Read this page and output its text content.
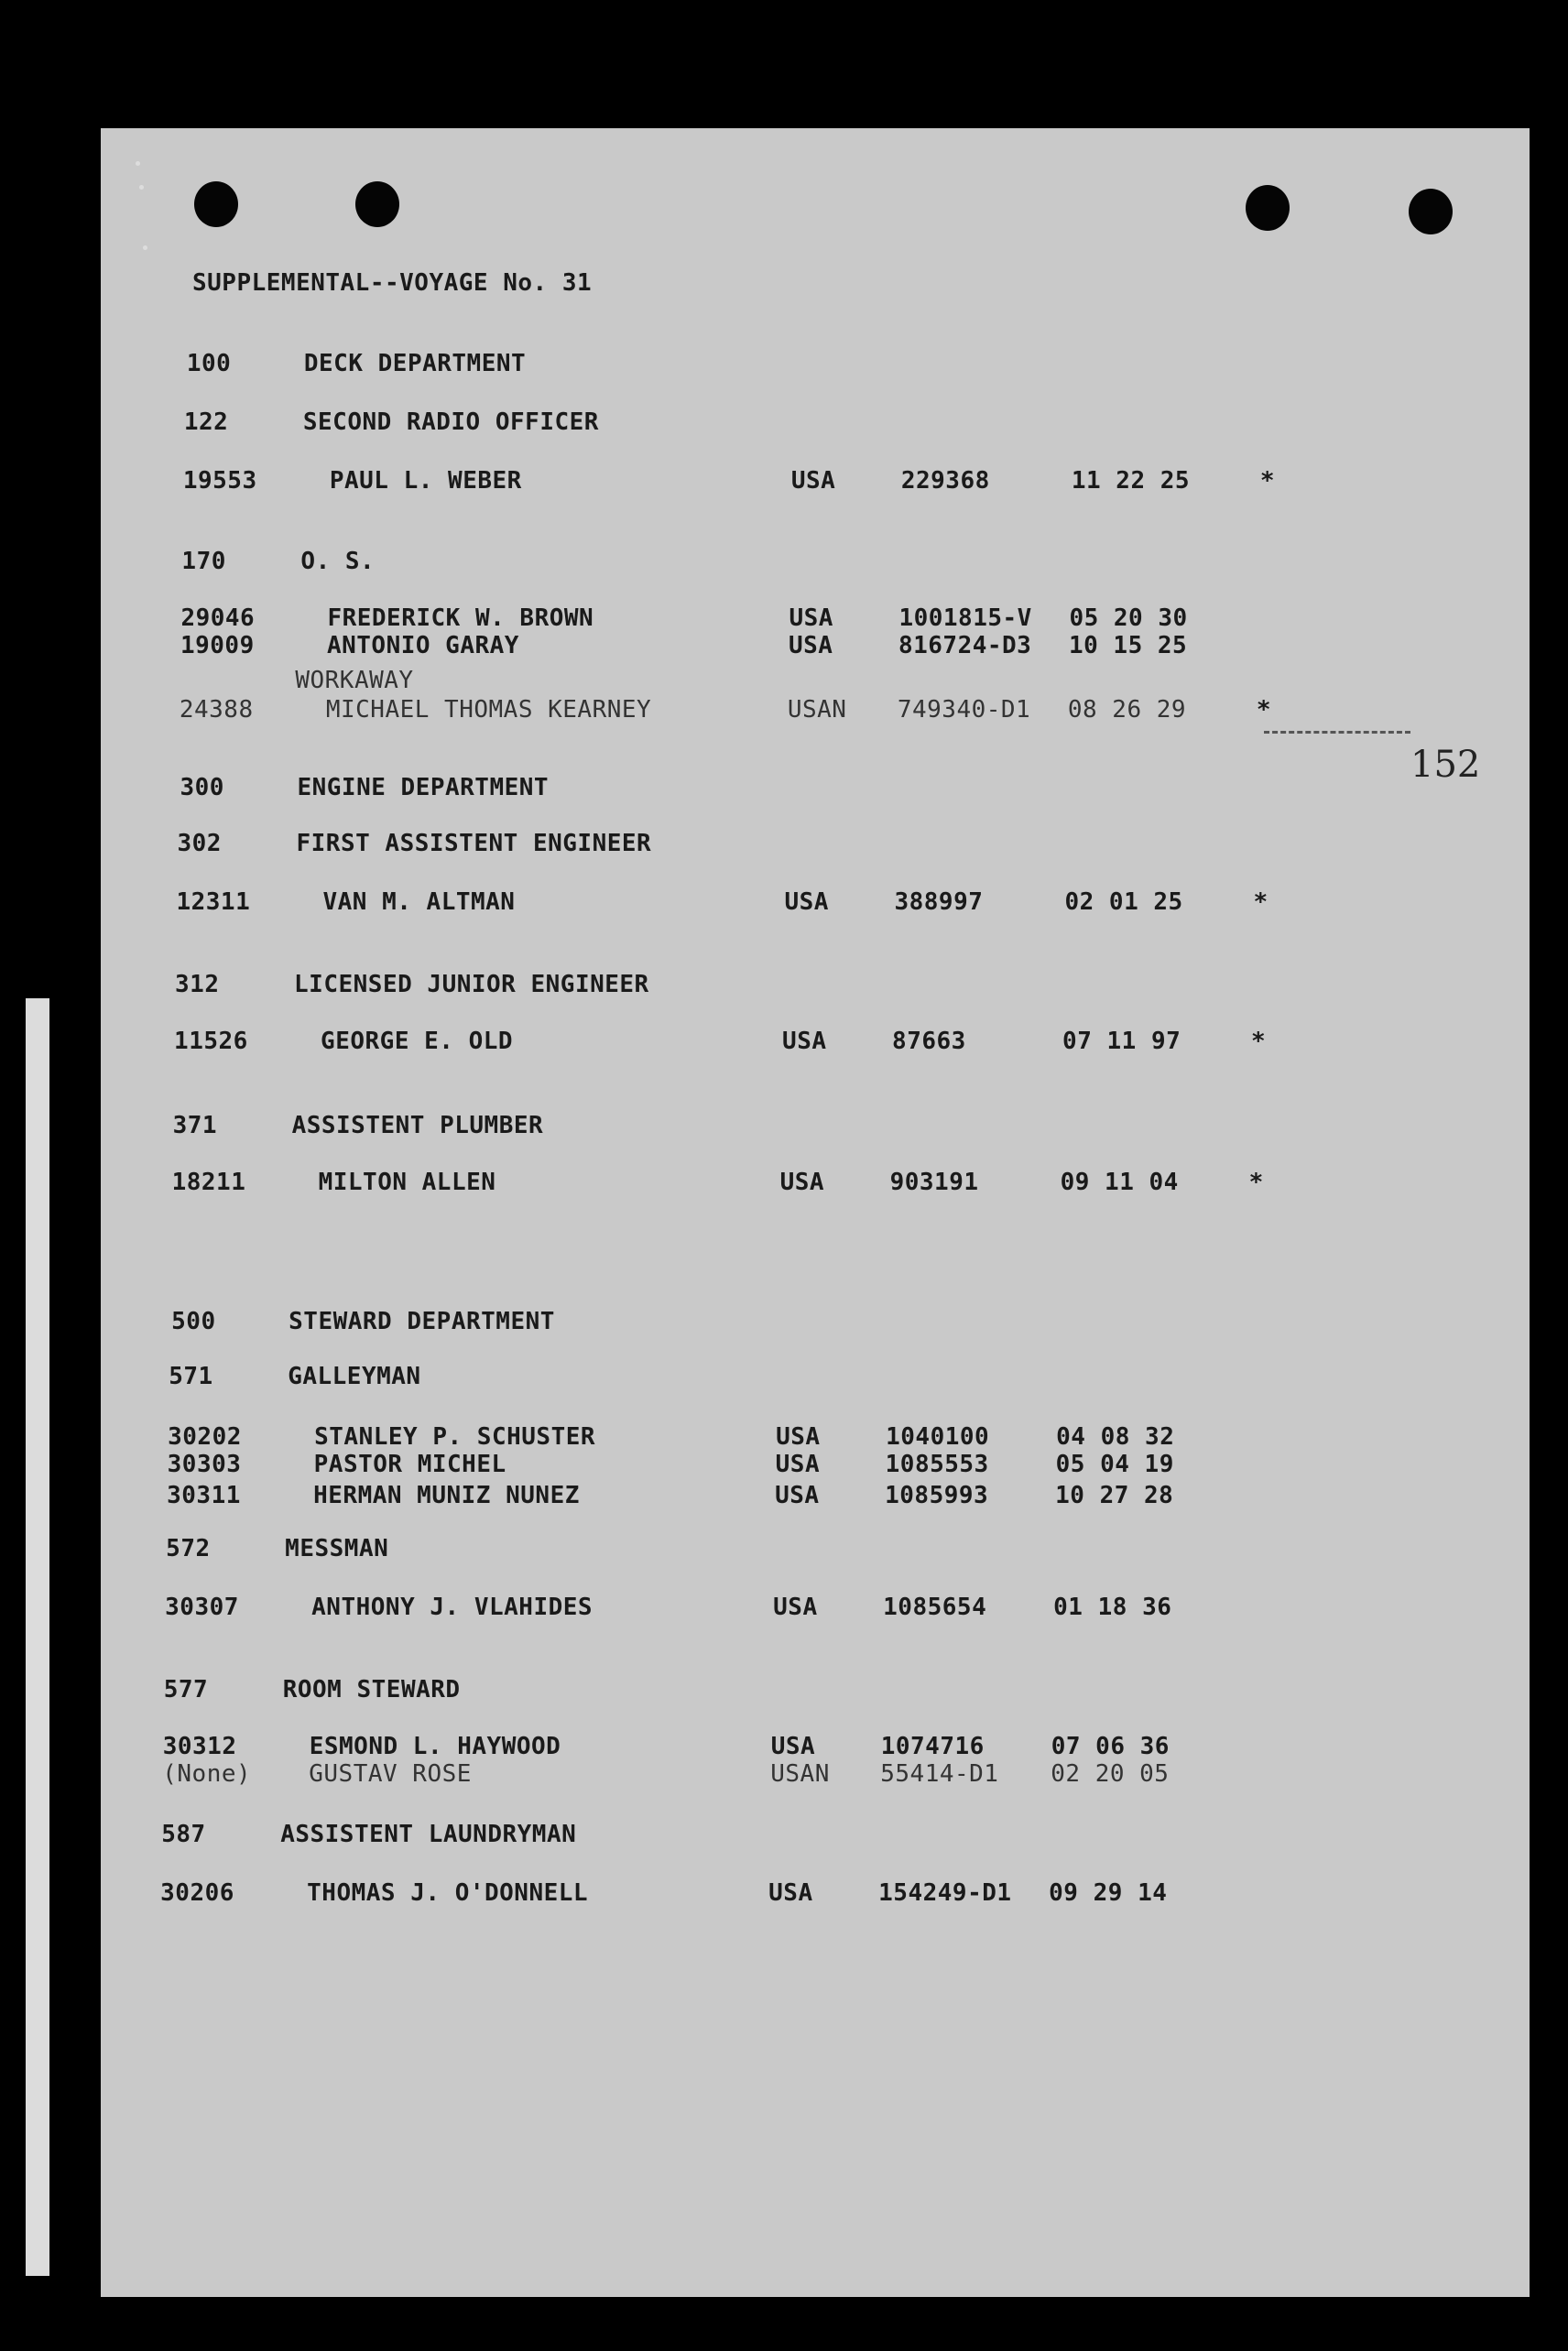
SUPPLEMENTAL--VOYAGE No. 31
100	DECK DEPARTMENT
122	SECOND RADIO OFFICER
19553	PAUL L. WEBER	USA	229368	11 22 25	*
170	O. S.
29046	FREDERICK W. BROWN	USA	1001815-V 05 20 30
19009	ANTONIO GARAY	USA	816724-D3 10 15 25
WORKAWAY
24388	MICHAEL THOMAS KEARNEY	USAN 749340-D1 08 26 29	*
300	ENGINE DEPARTMENT
302	FIRST ASSISTENT ENGINEER
12311	VAN M. ALTMAN	USA	388997	02 01 25	*
312	LICENSED JUNIOR ENGINEER
11526	GEORGE E. OLD	USA	87663	07 11 97	*
371	ASSISTENT PLUMBER
18211	MILTON ALLEN	USA	903191	09 11 04	*
500	STEWARD DEPARTMENT
571	GALLEYMAN
30202	STANLEY P. SCHUSTER	USA	1040100	04 08 32
30303	PASTOR MICHEL	USA	1085553	05 04 19
30311	HERMAN MUNIZ NUNEZ	USA	1085993	10 27 28
572	MESSMAN
30307	ANTHONY J. VLAHIDES	USA	1085654	01 18 36
577	ROOM STEWARD
30312	ESMOND L. HAYWOOD	USA	1074716	07 06 36
(None) GUSTAV ROSE	USAN 55414-D1 02 20 05
587	ASSISTENT LAUNDRYMAN
30206	THOMAS J. O'DONNELL	USA	154249-D1 09 29 14
152
